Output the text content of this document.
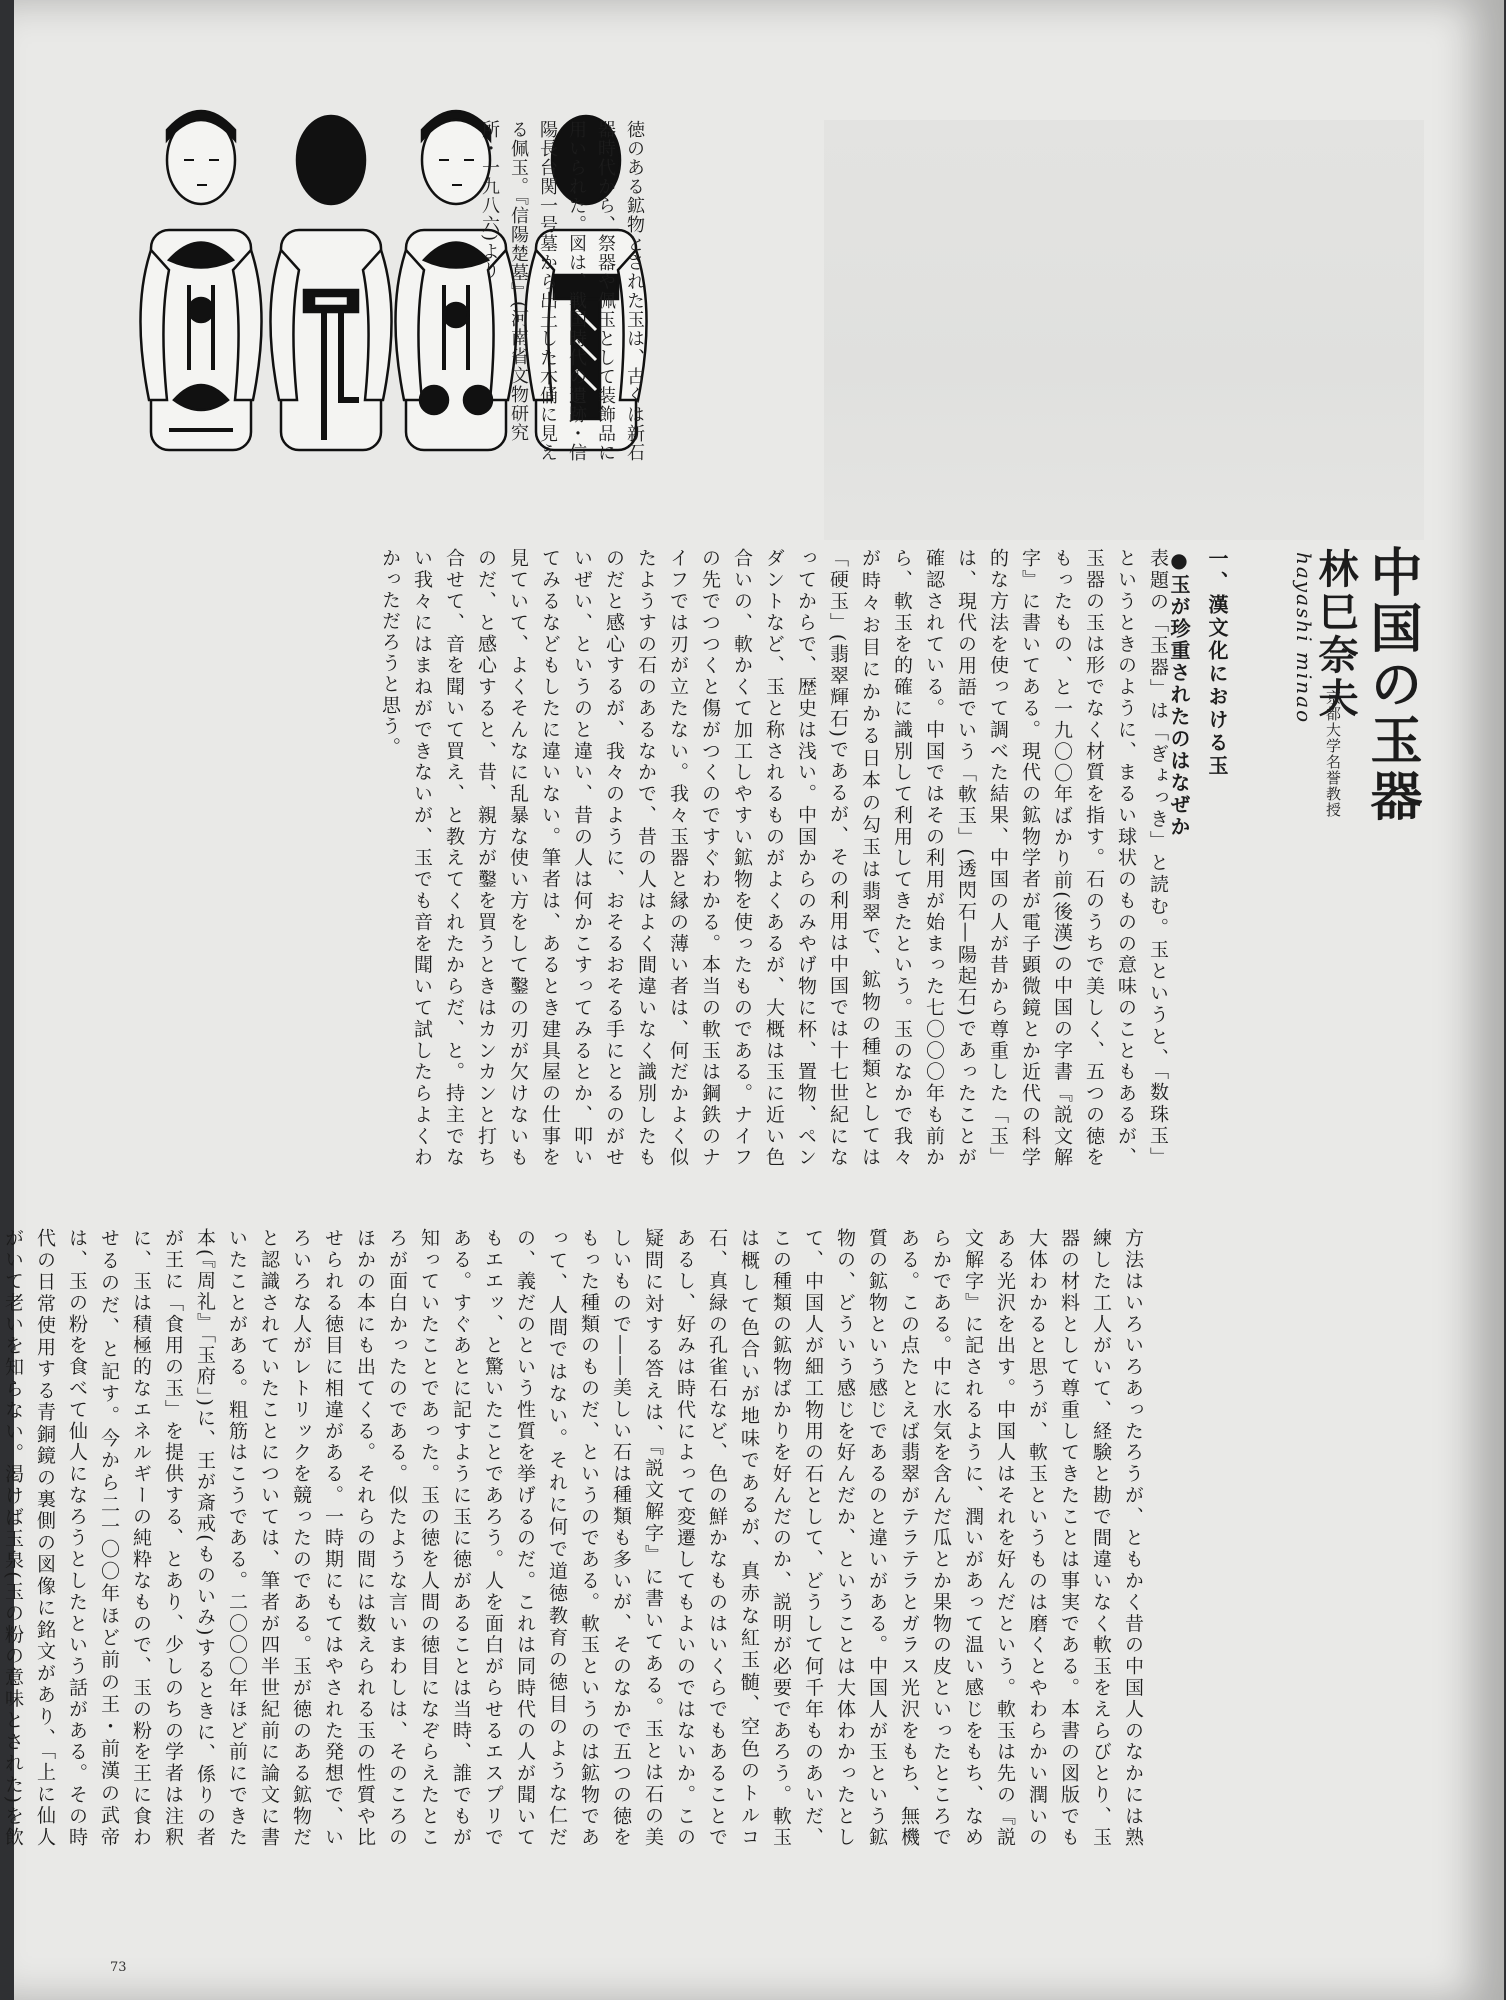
徳のある鉱物とされた玉は、古くは新石器時代から、祭器や佩玉として装飾品に用いられた。図は、戦国時代の遺跡・信陽長台関一号墓から出土した木俑に見える佩玉。『信陽楚墓』(河南省文物研究所・一九八六)より

中国の玉器
林巳奈夫
京都大学名誉教授
hayashi minao
一、漢文化における玉
●玉が珍重されたのはなぜか

表題の「玉器」は「ぎょっき」と読む。玉というと、「数珠玉」というときのように、まるい球状のものの意味のこともあるが、玉器の玉は形でなく材質を指す。石のうちで美しく、五つの徳をもったもの、と一九〇〇年ばかり前(後漢)の中国の字書『説文解字』に書いてある。現代の鉱物学者が電子顕微鏡とか近代の科学的な方法を使って調べた結果、中国の人が昔から尊重した「玉」は、現代の用語でいう「軟玉」(透閃石―陽起石)であったことが確認されている。中国ではその利用が始まった七〇〇〇年も前から、軟玉を的確に識別して利用してきたという。玉のなかで我々が時々お目にかかる日本の勾玉は翡翠で、鉱物の種類としては「硬玉」(翡翠輝石)であるが、その利用は中国では十七世紀になってからで、歴史は浅い。中国からのみやげ物に杯、置物、ペンダントなど、玉と称されるものがよくあるが、大概は玉に近い色合いの、軟かくて加工しやすい鉱物を使ったものである。ナイフの先でつつくと傷がつくのですぐわかる。本当の軟玉は鋼鉄のナイフでは刃が立たない。我々玉器と縁の薄い者は、何だかよく似たようすの石のあるなかで、昔の人はよく間違いなく識別したものだと感心するが、我々のように、おそるおそる手にとるのがせいぜい、というのと違い、昔の人は何かこすってみるとか、叩いてみるなどもしたに違いない。筆者は、あるとき建具屋の仕事を見ていて、よくそんなに乱暴な使い方をして鑿の刃が欠けないものだ、と感心すると、昔、親方が鑿を買うときはカンカンと打ち合せて、音を聞いて買え、と教えてくれたからだ、と。持主でない我々にはまねができないが、玉でも音を聞いて試したらよくわかっただろうと思う。

方法はいろいろあったろうが、ともかく昔の中国人のなかには熟練した工人がいて、経験と勘で間違いなく軟玉をえらびとり、玉器の材料として尊重してきたことは事実である。本書の図版でも大体わかると思うが、軟玉というものは磨くとやわらかい潤いのある光沢を出す。中国人はそれを好んだという。軟玉は先の『説文解字』に記されるように、潤いがあって温い感じをもち、なめらかである。中に水気を含んだ瓜とか果物の皮といったところである。この点たとえば翡翠がテラテラとガラス光沢をもち、無機質の鉱物という感じであるのと違いがある。中国人が玉という鉱物の、どういう感じを好んだか、ということは大体わかったとして、中国人が細工物用の石として、どうして何千年ものあいだ、この種類の鉱物ばかりを好んだのか、説明が必要であろう。軟玉は概して色合いが地味であるが、真赤な紅玉髄、空色のトルコ石、真緑の孔雀石など、色の鮮かなものはいくらでもあることであるし、好みは時代によって変遷してもよいのではないか。この疑問に対する答えは、『説文解字』に書いてある。玉とは石の美しいもので――美しい石は種類も多いが、そのなかで五つの徳をもった種類のものだ、というのである。軟玉というのは鉱物であって、人間ではない。それに何で道徳教育の徳目のような仁だの、義だのという性質を挙げるのだ。これは同時代の人が聞いてもエエッ、と驚いたことであろう。人を面白がらせるエスプリである。すぐあとに記すように玉に徳があることは当時、誰でもが知っていたことであった。玉の徳を人間の徳目になぞらえたところが面白かったのである。似たような言いまわしは、そのころのほかの本にも出てくる。それらの間には数えられる玉の性質や比せられる徳目に相違がある。一時期にもてはやされた発想で、いろいろな人がレトリックを競ったのである。玉が徳のある鉱物だと認識されていたことについては、筆者が四半世紀前に論文に書いたことがある。粗筋はこうである。二〇〇〇年ほど前にできた本(『周礼』「玉府」)に、王が斎戒(ものいみ)するときに、係りの者が王に「食用の玉」を提供する、とあり、少しのちの学者は注釈に、玉は積極的なエネルギーの純粋なもので、玉の粉を王に食わせるのだ、と記す。今から二一〇〇年ほど前の王・前漢の武帝は、玉の粉を食べて仙人になろうとしたという話がある。その時代の日常使用する青銅鏡の裏側の図像に銘文があり、「上に仙人がいて老いを知らない。渇けば玉泉(玉の粉の意味とされた)を飲

73
